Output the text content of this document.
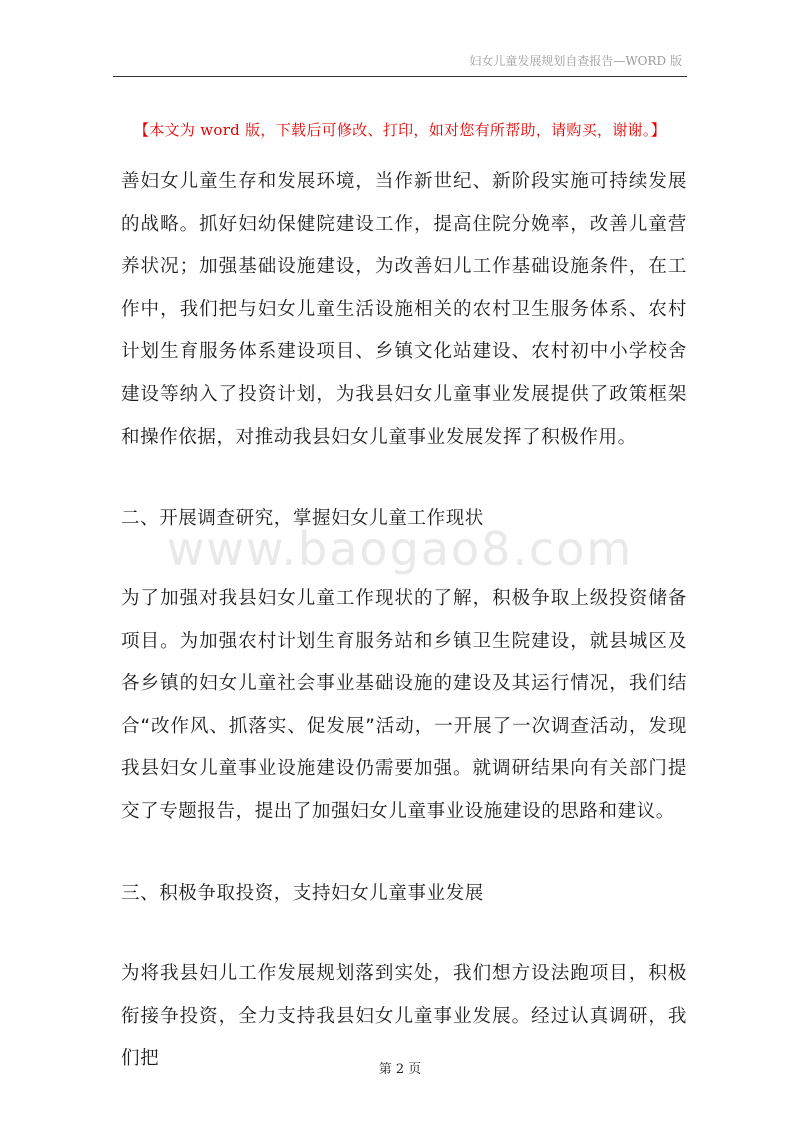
妇女儿童发展规划自查报告—WORD 版
【本文为 word 版，下载后可修改、打印，如对您有所帮助，请购买，谢谢。】
www.baogao8.com
善妇女儿童生存和发展环境，当作新世纪、新阶段实施可持续发展的战略。抓好妇幼保健院建设工作，提高住院分娩率，改善儿童营养状况；加强基础设施建设，为改善妇儿工作基础设施条件，在工作中，我们把与妇女儿童生活设施相关的农村卫生服务体系、农村计划生育服务体系建设项目、乡镇文化站建设、农村初中小学校舍建设等纳入了投资计划，为我县妇女儿童事业发展提供了政策框架和操作依据，对推动我县妇女儿童事业发展发挥了积极作用。
二、开展调查研究，掌握妇女儿童工作现状
为了加强对我县妇女儿童工作现状的了解，积极争取上级投资储备项目。为加强农村计划生育服务站和乡镇卫生院建设，就县城区及各乡镇的妇女儿童社会事业基础设施的建设及其运行情况，我们结合“改作风、抓落实、促发展”活动，一开展了一次调查活动，发现我县妇女儿童事业设施建设仍需要加强。就调研结果向有关部门提交了专题报告，提出了加强妇女儿童事业设施建设的思路和建议。
三、积极争取投资，支持妇女儿童事业发展
为将我县妇儿工作发展规划落到实处，我们想方设法跑项目，积极衔接争投资，全力支持我县妇女儿童事业发展。经过认真调研，我们把
第 2 页
